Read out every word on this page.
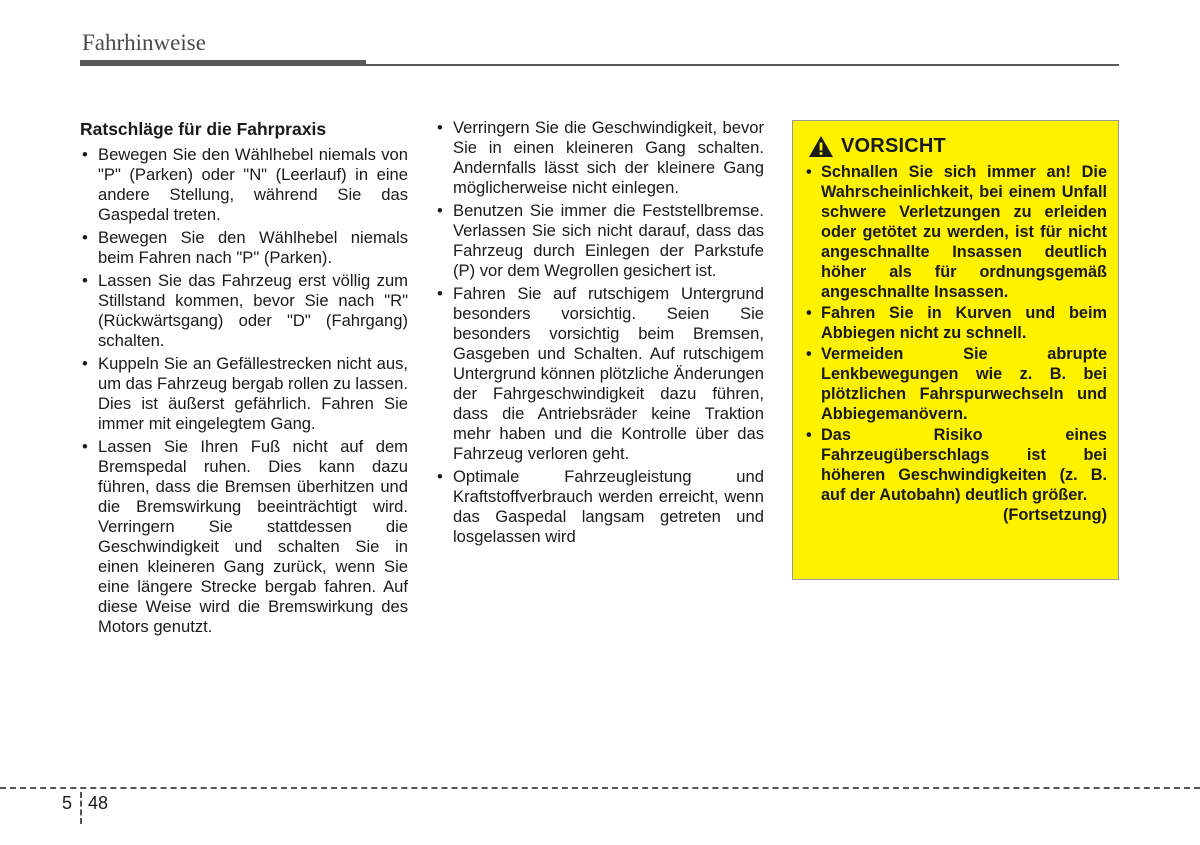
Fahrhinweise
Ratschläge für die Fahrpraxis
• Bewegen Sie den Wählhebel niemals von "P" (Parken) oder "N" (Leerlauf) in eine andere Stellung, während Sie das Gaspedal treten.
• Bewegen Sie den Wählhebel niemals beim Fahren nach "P" (Parken).
• Lassen Sie das Fahrzeug erst völlig zum Stillstand kommen, bevor Sie nach "R" (Rückwärtsgang) oder "D" (Fahrgang) schalten.
• Kuppeln Sie an Gefällestrecken nicht aus, um das Fahrzeug bergab rollen zu lassen. Dies ist äußerst gefährlich. Fahren Sie immer mit eingelegtem Gang.
• Lassen Sie Ihren Fuß nicht auf dem Bremspedal ruhen. Dies kann dazu führen, dass die Bremsen überhitzen und die Bremswirkung beeinträchtigt wird. Verringern Sie stattdessen die Geschwindigkeit und schalten Sie in einen kleineren Gang zurück, wenn Sie eine längere Strecke bergab fahren. Auf diese Weise wird die Bremswirkung des Motors genutzt.
• Verringern Sie die Geschwindigkeit, bevor Sie in einen kleineren Gang schalten. Andernfalls lässt sich der kleinere Gang möglicherweise nicht einlegen.
• Benutzen Sie immer die Feststellbremse. Verlassen Sie sich nicht darauf, dass das Fahrzeug durch Einlegen der Parkstufe (P) vor dem Wegrollen gesichert ist.
• Fahren Sie auf rutschigem Untergrund besonders vorsichtig. Seien Sie besonders vorsichtig beim Bremsen, Gasgeben und Schalten. Auf rutschigem Untergrund können plötzliche Änderungen der Fahrgeschwindigkeit dazu führen, dass die Antriebsräder keine Traktion mehr haben und die Kontrolle über das Fahrzeug verloren geht.
• Optimale Fahrzeugleistung und Kraftstoffverbrauch werden erreicht, wenn das Gaspedal langsam getreten und losgelassen wird
VORSICHT
• Schnallen Sie sich immer an! Die Wahrscheinlichkeit, bei einem Unfall schwere Verletzungen zu erleiden oder getötet zu werden, ist für nicht angeschnallte Insassen deutlich höher als für ordnungsgemäß angeschnallte Insassen.
• Fahren Sie in Kurven und beim Abbiegen nicht zu schnell.
• Vermeiden Sie abrupte Lenkbewegungen wie z. B. bei plötzlichen Fahrspurwechseln und Abbiegemanövern.
• Das Risiko eines Fahrzeugüberschlags ist bei höheren Geschwindigkeiten (z. B. auf der Autobahn) deutlich größer.
(Fortsetzung)
5 48
